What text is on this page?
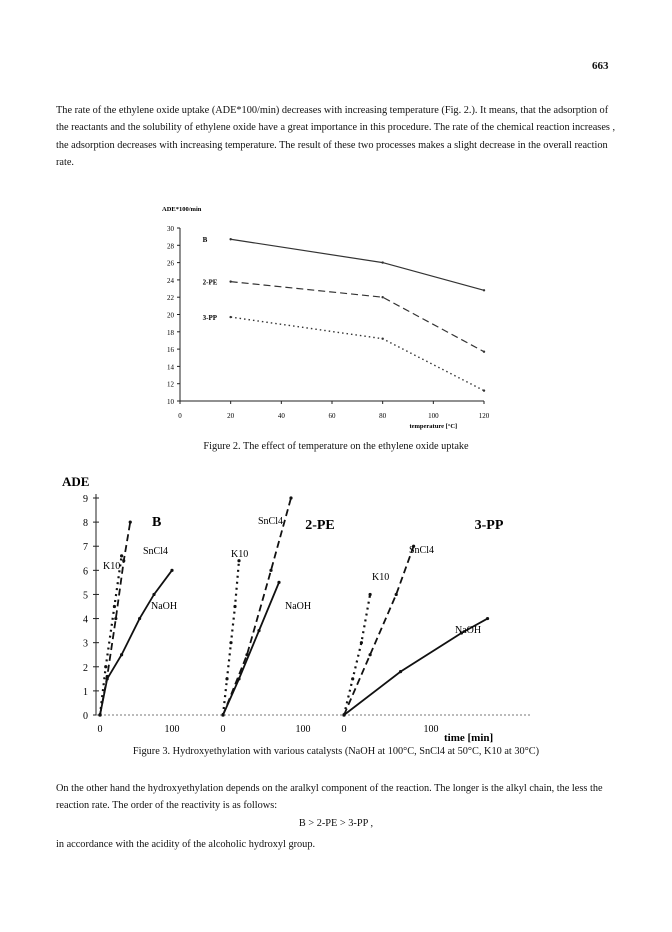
663

The rate of the ethylene oxide uptake (ADE*100/min) decreases with increasing temperature (Fig. 2.). It means, that the adsorption of the reactants and the solubility of ethylene oxide have a great importance in this procedure. The rate of the chemical reaction increases , the adsorption decreases with increasing temperature. The result of these two processes makes a slight decrease in the overall reaction rate.

10
12
14
16
18
20
22
24
26
28
30
0	20	40	60	80	100	120
ADE*100/min
temperature [°C]
B
2-PE
3-PP
0
1
2
3
4
5
6
7
8
9
ADE
0	100
B
NaOH
SnCl4
K10
0	100
2-PE
NaOH
SnCl4
K10
0	100
3-PP
NaOH
SnCl4
K10
time [min]
Figure 2. The effect of temperature on the ethylene oxide uptake
Figure 3. Hydroxyethylation with various catalysts (NaOH at 100°C, SnCl4 at 50°C, K10 at 30°C)

On the other hand the hydroxyethylation depends on the aralkyl component of the reaction. The longer is the alkyl chain, the less the reaction rate. The order of the reactivity is as follows:

B > 2-PE > 3-PP ,

in accordance with the acidity of the alcoholic hydroxyl group.
